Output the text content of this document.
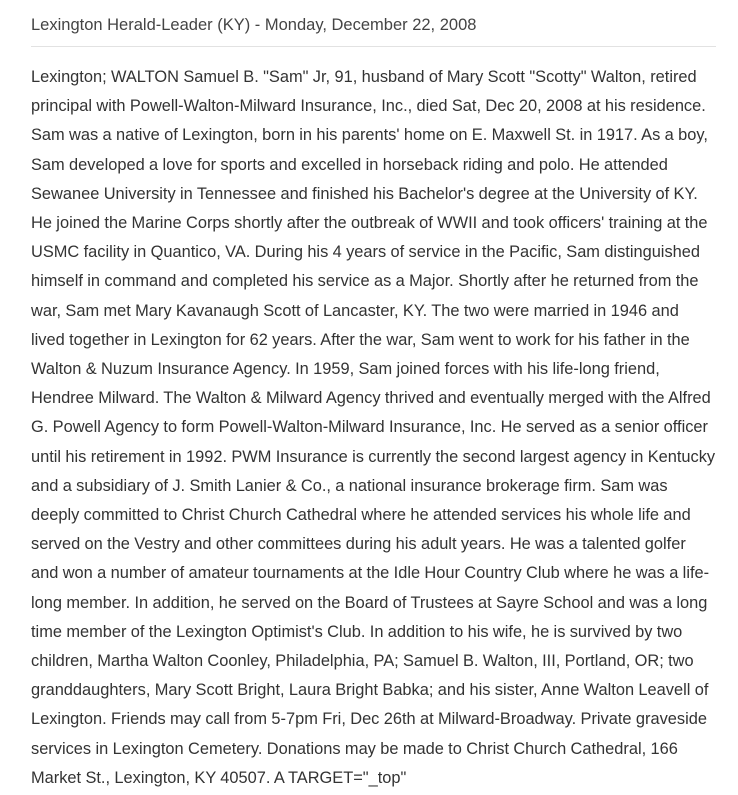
Lexington Herald-Leader (KY) - Monday, December 22, 2008

Lexington; WALTON Samuel B. "Sam" Jr, 91, husband of Mary Scott "Scotty" Walton, retired principal with Powell-Walton-Milward Insurance, Inc., died Sat, Dec 20, 2008 at his residence. Sam was a native of Lexington, born in his parents' home on E. Maxwell St. in 1917. As a boy, Sam developed a love for sports and excelled in horseback riding and polo. He attended Sewanee University in Tennessee and finished his Bachelor's degree at the University of KY. He joined the Marine Corps shortly after the outbreak of WWII and took officers' training at the USMC facility in Quantico, VA. During his 4 years of service in the Pacific, Sam distinguished himself in command and completed his service as a Major. Shortly after he returned from the war, Sam met Mary Kavanaugh Scott of Lancaster, KY. The two were married in 1946 and lived together in Lexington for 62 years. After the war, Sam went to work for his father in the Walton & Nuzum Insurance Agency. In 1959, Sam joined forces with his life-long friend, Hendree Milward. The Walton & Milward Agency thrived and eventually merged with the Alfred G. Powell Agency to form Powell-Walton-Milward Insurance, Inc. He served as a senior officer until his retirement in 1992. PWM Insurance is currently the second largest agency in Kentucky and a subsidiary of J. Smith Lanier & Co., a national insurance brokerage firm. Sam was deeply committed to Christ Church Cathedral where he attended services his whole life and served on the Vestry and other committees during his adult years. He was a talented golfer and won a number of amateur tournaments at the Idle Hour Country Club where he was a life-long member. In addition, he served on the Board of Trustees at Sayre School and was a long time member of the Lexington Optimist's Club. In addition to his wife, he is survived by two children, Martha Walton Coonley, Philadelphia, PA; Samuel B. Walton, III, Portland, OR; two granddaughters, Mary Scott Bright, Laura Bright Babka; and his sister, Anne Walton Leavell of Lexington. Friends may call from 5-7pm Fri, Dec 26th at Milward-Broadway. Private graveside services in Lexington Cemetery. Donations may be made to Christ Church Cathedral, 166 Market St., Lexington, KY 40507. A TARGET="_top"
